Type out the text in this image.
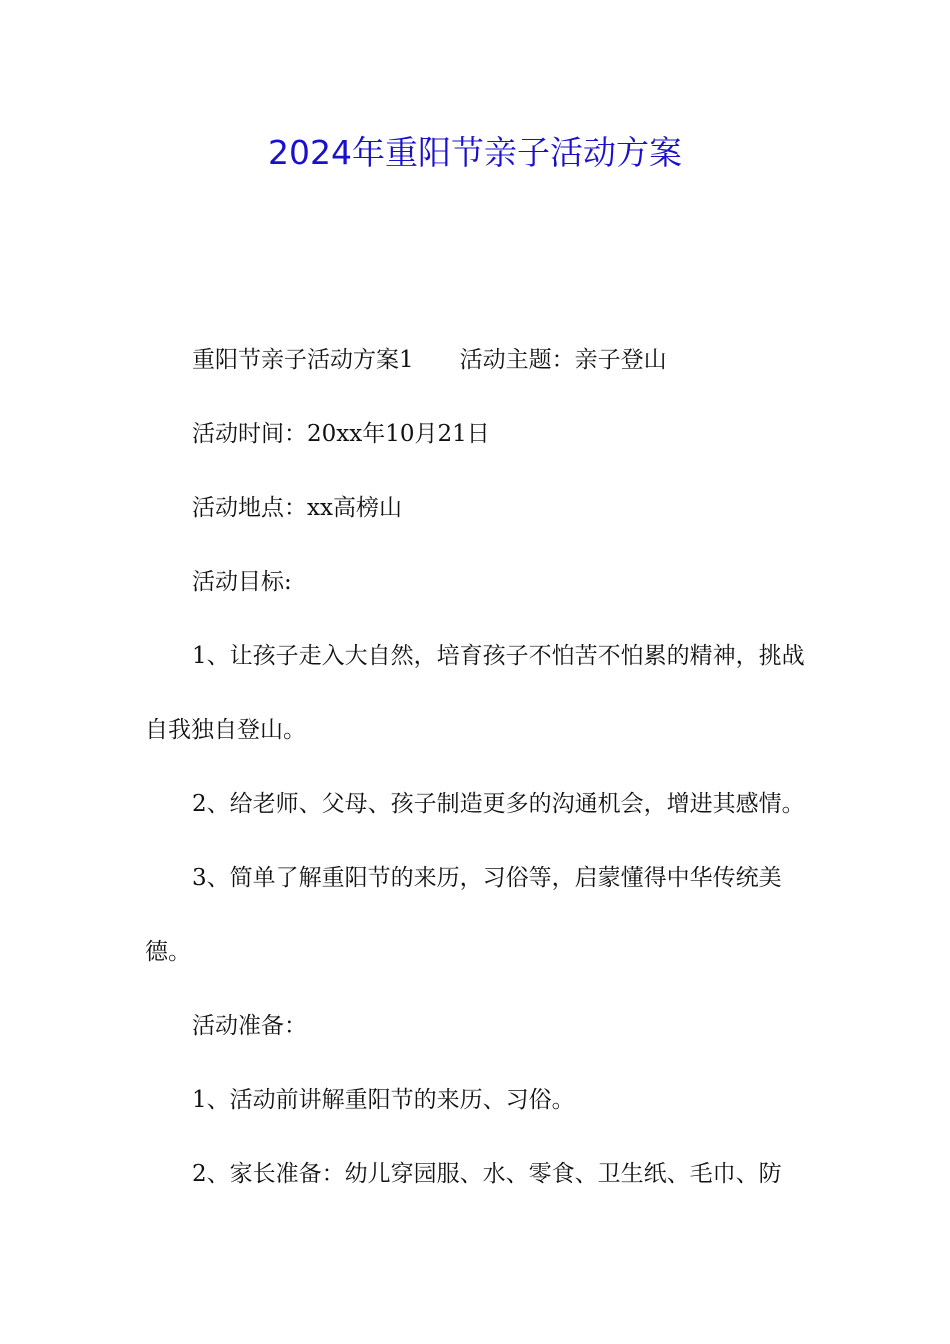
2024年重阳节亲子活动方案

重阳节亲子活动方案1 活动主题：亲子登山

活动时间：20xx年10月21日

活动地点：xx高榜山

活动目标:

1、让孩子走入大自然，培育孩子不怕苦不怕累的精神，挑战自我独自登山。

2、给老师、父母、孩子制造更多的沟通机会，增进其感情。

3、简单了解重阳节的来历，习俗等，启蒙懂得中华传统美德。

活动准备：

1、活动前讲解重阳节的来历、习俗。

2、家长准备：幼儿穿园服、水、零食、卫生纸、毛巾、防
